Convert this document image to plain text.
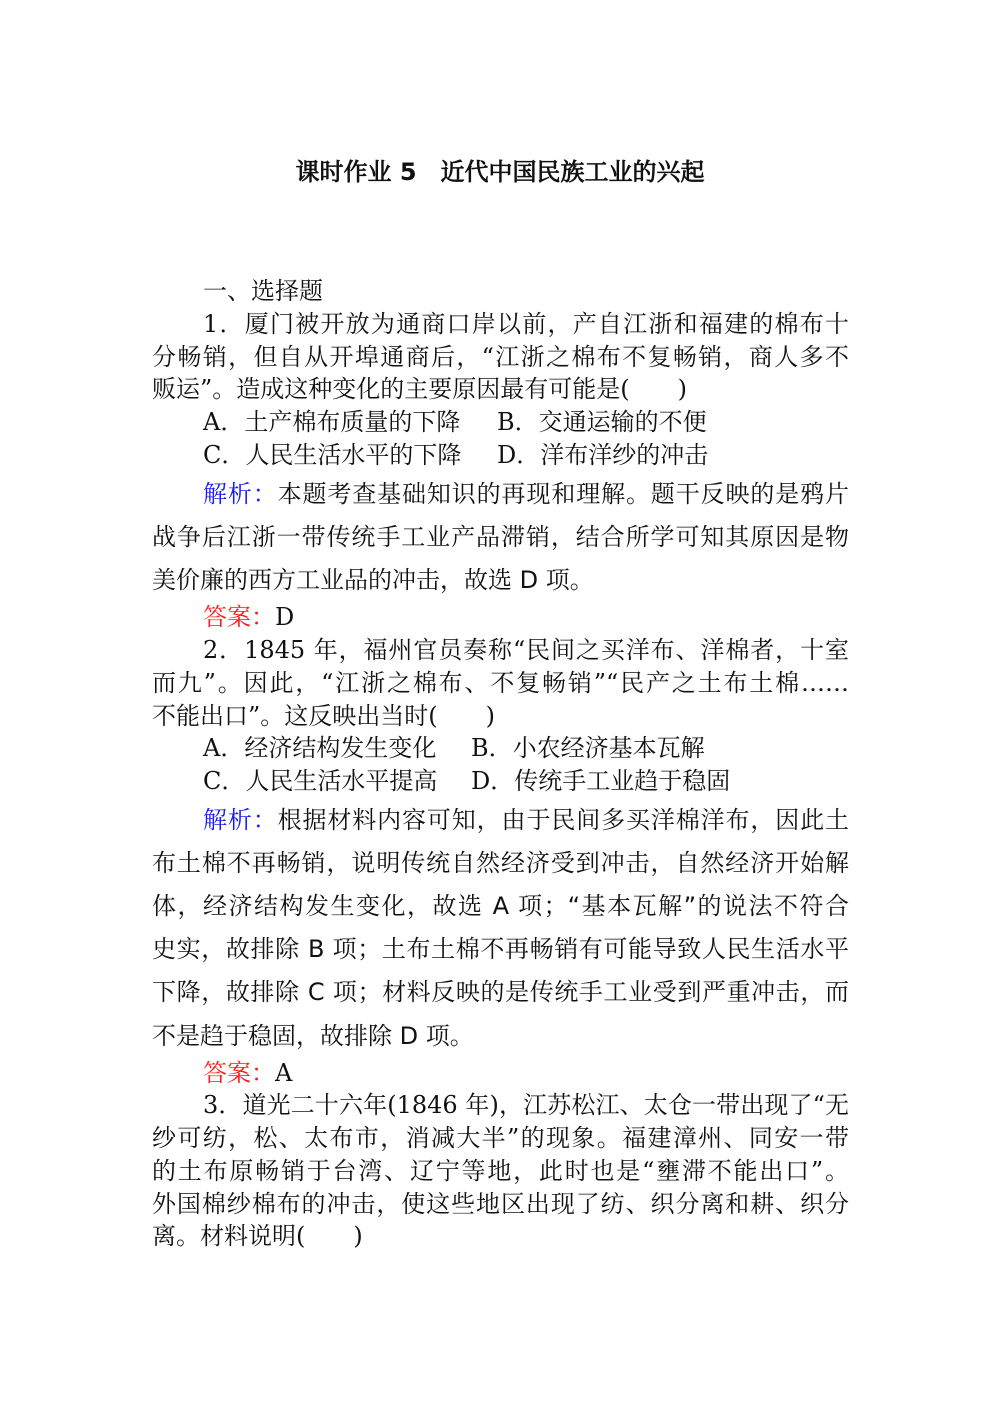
课时作业 5　近代中国民族工业的兴起
一、选择题
1．厦门被开放为通商口岸以前，产自江浙和福建的棉布十
分畅销，但自从开埠通商后，“江浙之棉布不复畅销，商人多不
贩运”。造成这种变化的主要原因最有可能是(　　)
A．土产棉布质量的下降 B．交通运输的不便
C．人民生活水平的下降 D．洋布洋纱的冲击
解析：本题考查基础知识的再现和理解。题干反映的是鸦片
战争后江浙一带传统手工业产品滞销，结合所学可知其原因是物
美价廉的西方工业品的冲击，故选 D 项。
答案：D
2．1845 年，福州官员奏称“民间之买洋布、洋棉者，十室
而九”。因此，“江浙之棉布、不复畅销”“民产之土布土棉……
不能出口”。这反映出当时(　　)
A．经济结构发生变化 B．小农经济基本瓦解
C．人民生活水平提高 D．传统手工业趋于稳固
解析：根据材料内容可知，由于民间多买洋棉洋布，因此土
布土棉不再畅销，说明传统自然经济受到冲击，自然经济开始解
体，经济结构发生变化，故选 A 项；“基本瓦解”的说法不符合
史实，故排除 B 项；土布土棉不再畅销有可能导致人民生活水平
下降，故排除 C 项；材料反映的是传统手工业受到严重冲击，而
不是趋于稳固，故排除 D 项。
答案：A
3．道光二十六年(1846 年)，江苏松江、太仓一带出现了“无
纱可纺，松、太布市，消减大半”的现象。福建漳州、同安一带
的土布原畅销于台湾、辽宁等地，此时也是“壅滞不能出口”。
外国棉纱棉布的冲击，使这些地区出现了纺、织分离和耕、织分
离。材料说明(　　)
